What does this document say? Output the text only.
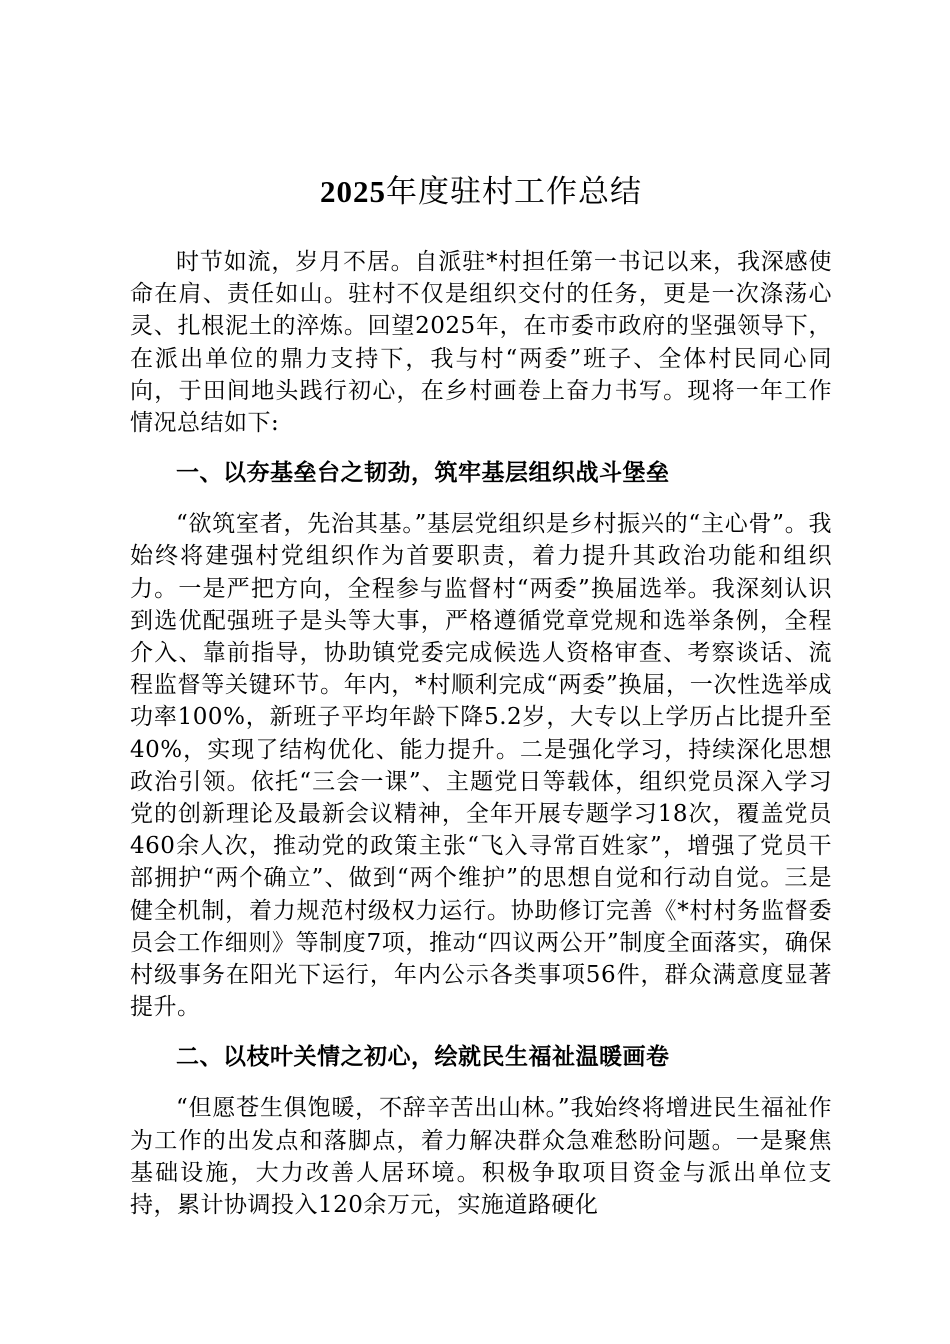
2025年度驻村工作总结

时节如流，岁月不居。自派驻*村担任第一书记以来，我深感使命在肩、责任如山。驻村不仅是组织交付的任务，更是一次涤荡心灵、扎根泥土的淬炼。回望2025年，在市委市政府的坚强领导下，在派出单位的鼎力支持下，我与村“两委”班子、全体村民同心同向，于田间地头践行初心，在乡村画卷上奋力书写。现将一年工作情况总结如下:

一、以夯基垒台之韧劲，筑牢基层组织战斗堡垒

“欲筑室者，先治其基。”基层党组织是乡村振兴的“主心骨”。我始终将建强村党组织作为首要职责，着力提升其政治功能和组织力。一是严把方向，全程参与监督村“两委”换届选举。我深刻认识到选优配强班子是头等大事，严格遵循党章党规和选举条例，全程介入、靠前指导，协助镇党委完成候选人资格审查、考察谈话、流程监督等关键环节。年内，*村顺利完成“两委”换届，一次性选举成功率100%，新班子平均年龄下降5.2岁，大专以上学历占比提升至40%，实现了结构优化、能力提升。二是强化学习，持续深化思想政治引领。依托“三会一课”、主题党日等载体，组织党员深入学习党的创新理论及最新会议精神，全年开展专题学习18次，覆盖党员460余人次，推动党的政策主张“飞入寻常百姓家”，增强了党员干部拥护“两个确立”、做到“两个维护”的思想自觉和行动自觉。三是健全机制，着力规范村级权力运行。协助修订完善《*村村务监督委员会工作细则》等制度7项，推动“四议两公开”制度全面落实，确保村级事务在阳光下运行，年内公示各类事项56件，群众满意度显著提升。

二、以枝叶关情之初心，绘就民生福祉温暖画卷

“但愿苍生俱饱暖，不辞辛苦出山林。”我始终将增进民生福祉作为工作的出发点和落脚点，着力解决群众急难愁盼问题。一是聚焦基础设施，大力改善人居环境。积极争取项目资金与派出单位支持，累计协调投入120余万元，实施道路硬化
